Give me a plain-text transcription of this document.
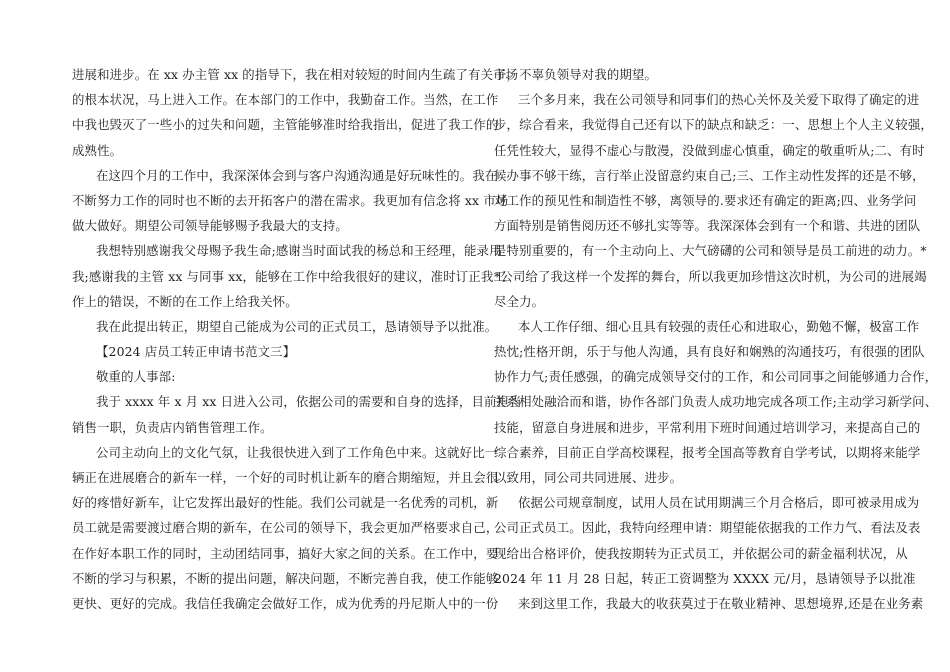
进展和进步。在 xx 办主管 xx 的指导下，我在相对较短的时间内生疏了有关市场
的根本状况，马上进入工作。在本部门的工作中，我勤奋工作。当然，在工作
中我也毁灭了一些小的过失和问题，主管能够准时给我指出，促进了我工作的
成熟性。
在这四个月的工作中，我深深体会到与客户沟通沟通是好玩味性的。我在
不断努力工作的同时也不断的去开拓客户的潜在需求。我更加有信念将 xx 市场
做大做好。期望公司领导能够赐予我最大的支持。
我想特别感谢我父母赐予我生命;感谢当时面试我的杨总和王经理，能录用
我;感谢我的主管 xx 与同事 xx，能够在工作中给我很好的建议，准时订正我工
作上的错误，不断的在工作上给我关怀。
我在此提出转正，期望自己能成为公司的正式员工，恳请领导予以批准。
【2024 店员工转正申请书范文三】
敬重的人事部:
我于 xxxx 年 x 月 xx 日进入公司，依据公司的需要和自身的选择，目前担当
销售一职，负责店内销售管理工作。
公司主动向上的文化气氛，让我很快进入到了工作角色中来。这就好比一
辆正在进展磨合的新车一样，一个好的司时机让新车的磨合期缩短，并且会很
好的疼惜好新车，让它发挥出最好的性能。我们公司就是一名优秀的司机，新
员工就是需要渡过磨合期的新车，在公司的领导下，我会更加严格要求自己，
在作好本职工作的同时，主动团结同事，搞好大家之间的关系。在工作中，要
不断的学习与积累，不断的提出问题，解决问题，不断完善自我，使工作能够
更快、更好的完成。我信任我确定会做好工作，成为优秀的丹尼斯人中的一份
子，不辜负领导对我的期望。
三个多月来，我在公司领导和同事们的热心关怀及关爱下取得了确定的进
步，综合看来，我觉得自己还有以下的缺点和缺乏：一、思想上个人主义较强，
任凭性较大，显得不虚心与散漫，没做到虚心慎重，确定的敬重听从;二、有时
候办事不够干练，言行举止没留意约束自己;三、工作主动性发挥的还是不够，
对工作的预见性和制造性不够，离领导的.要求还有确定的距离;四、业务学问
方面特别是销售阅历还不够扎实等等。我深深体会到有一个和谐、共进的团队
是特别重要的，有一个主动向上、大气磅礴的公司和领导是员工前进的动力。*
*公司给了我这样一个发挥的舞台，所以我更加珍惜这次时机，为公司的进展竭
尽全力。
本人工作仔细、细心且具有较强的责任心和进取心，勤勉不懈，极富工作
热忱;性格开朗，乐于与他人沟通，具有良好和娴熟的沟通技巧，有很强的团队
协作力气;责任感强，的确完成领导交付的工作，和公司同事之间能够通力合作，
关系相处融洽而和谐，协作各部门负责人成功地完成各项工作;主动学习新学问、
技能，留意自身进展和进步，平常利用下班时间通过培训学习，来提高自己的
综合素养，目前正自学高校课程，报考全国高等教育自学考试，以期将来能学
以致用，同公司共同进展、进步。
依据公司规章制度，试用人员在试用期满三个月合格后，即可被录用成为
公司正式员工。因此，我特向经理申请：期望能依据我的工作力气、看法及表
现给出合格评价，使我按期转为正式员工，并依据公司的薪金福利状况，从
2024 年 11 月 28 日起，转正工资调整为 XXXX 元/月，恳请领导予以批准
来到这里工作，我最大的收获莫过于在敬业精神、思想境界,还是在业务素
